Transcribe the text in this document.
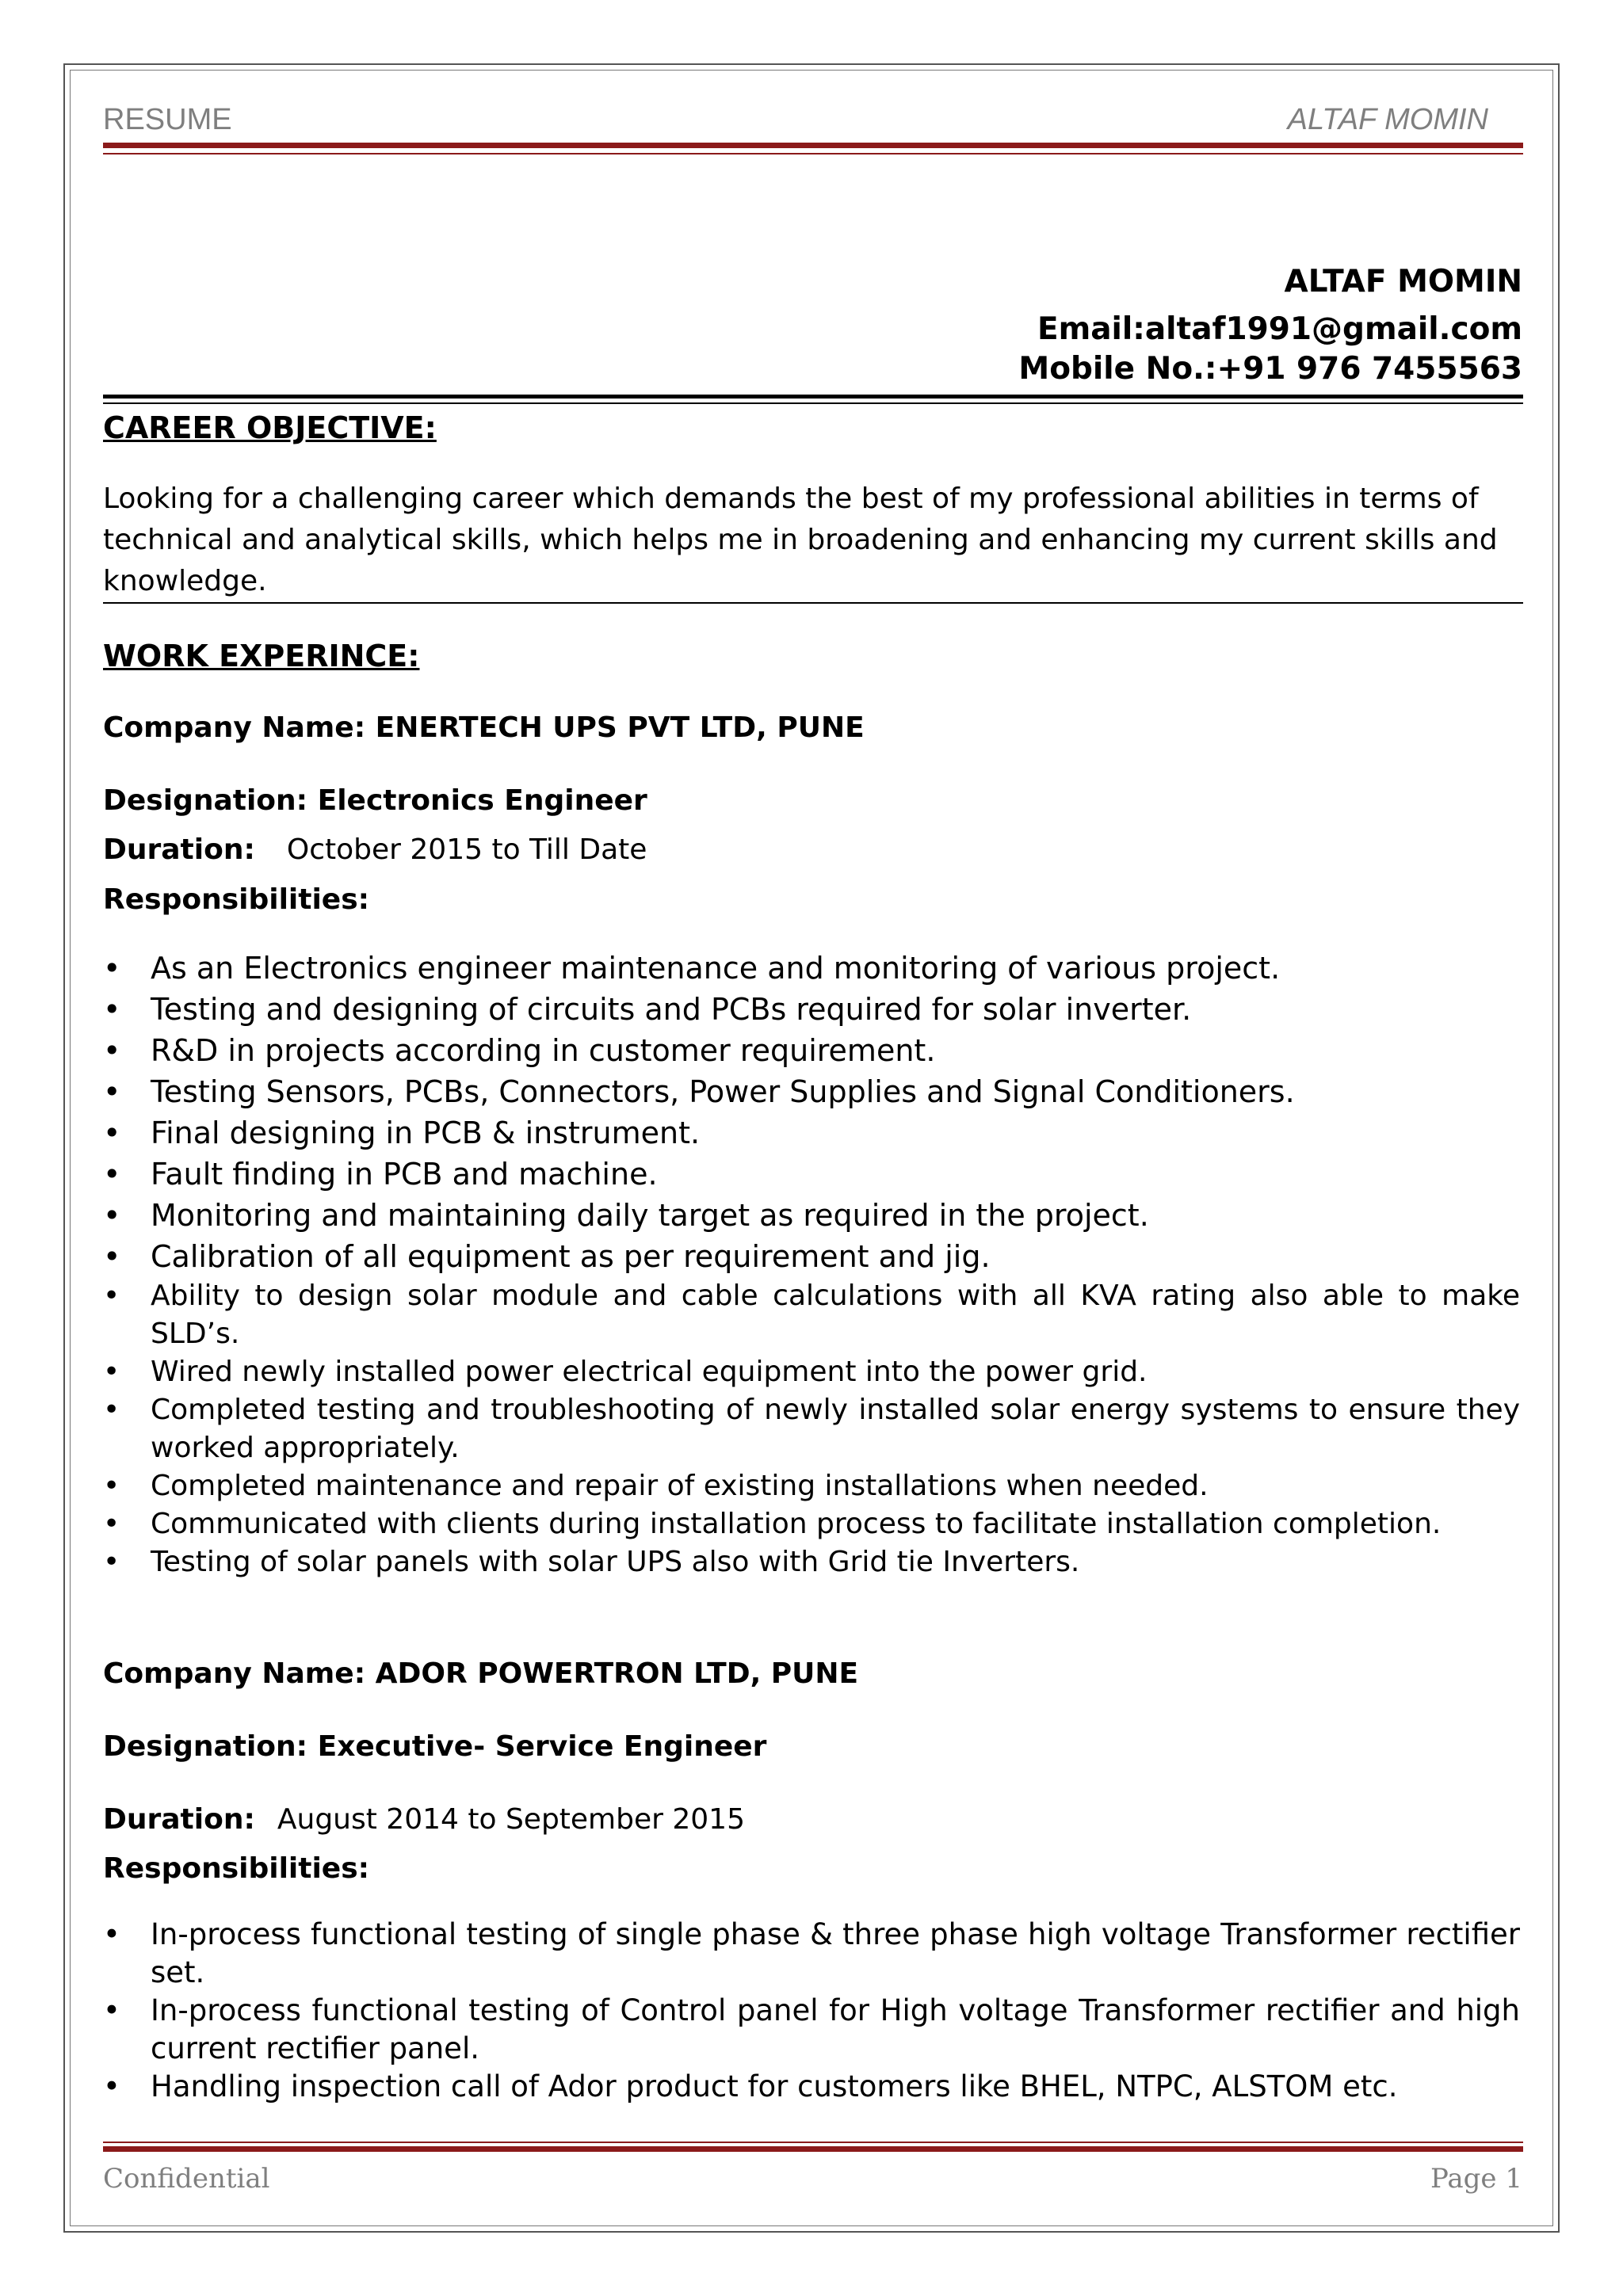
RESUME	ALTAF MOMIN
ALTAF MOMIN
Email:altaf1991@gmail.com
Mobile No.:+91 976 7455563
CAREER OBJECTIVE:
Looking for a challenging career which demands the best of my professional abilities in terms of technical and analytical skills, which helps me in broadening and enhancing my current skills and knowledge.
WORK EXPERINCE:
Company Name: ENERTECH UPS PVT LTD, PUNE
Designation: Electronics Engineer
Duration: October 2015 to Till Date
Responsibilities:
• As an Electronics engineer maintenance and monitoring of various project.
• Testing and designing of circuits and PCBs required for solar inverter.
• R&D in projects according in customer requirement.
• Testing Sensors, PCBs, Connectors, Power Supplies and Signal Conditioners.
• Final designing in PCB & instrument.
• Fault finding in PCB and machine.
• Monitoring and maintaining daily target as required in the project.
• Calibration of all equipment as per requirement and jig.
• Ability to design solar module and cable calculations with all KVA rating also able to make SLD’s.
• Wired newly installed power electrical equipment into the power grid.
• Completed testing and troubleshooting of newly installed solar energy systems to ensure they worked appropriately.
• Completed maintenance and repair of existing installations when needed.
• Communicated with clients during installation process to facilitate installation completion.
• Testing of solar panels with solar UPS also with Grid tie Inverters.
Company Name: ADOR POWERTRON LTD, PUNE
Designation: Executive- Service Engineer
Duration: August 2014 to September 2015
Responsibilities:
• In-process functional testing of single phase & three phase high voltage Transformer rectifier set.
• In-process functional testing of Control panel for High voltage Transformer rectifier and high current rectifier panel.
• Handling inspection call of Ador product for customers like BHEL, NTPC, ALSTOM etc.
Confidential	Page 1
